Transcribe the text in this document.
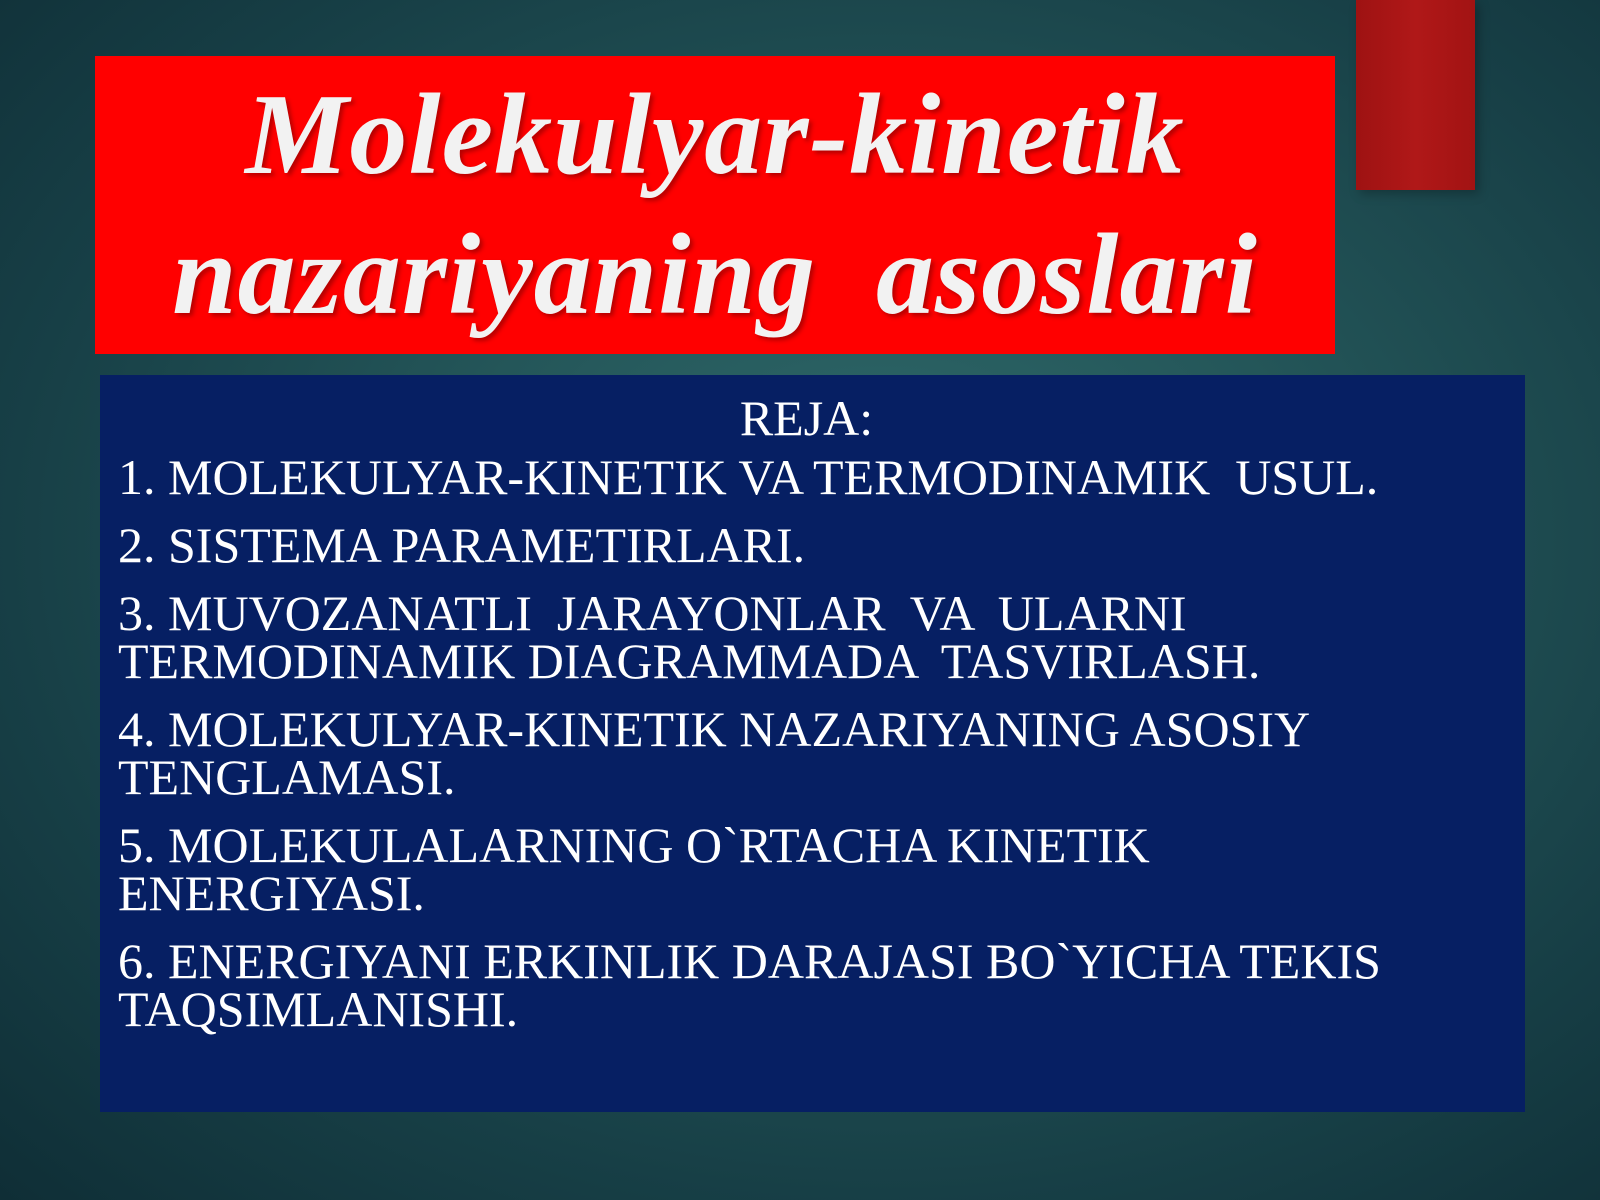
Molekulyar-kinetik
nazariyaning  asoslari
REJA:
1. MOLEKULYAR-KINETIK VA TERMODINAMIK  USUL.
2. SISTEMA PARAMETIRLARI.
3. MUVOZANATLI  JARAYONLAR  VA  ULARNI
TERMODINAMIK DIAGRAMMADA  TASVIRLASH.
4. MOLEKULYAR-KINETIK NAZARIYANING ASOSIY
TENGLAMASI.
5. MOLEKULALARNING O`RTACHA KINETIK
ENERGIYASI.
6. ENERGIYANI ERKINLIK DARAJASI BO`YICHA TEKIS
TAQSIMLANISHI.
